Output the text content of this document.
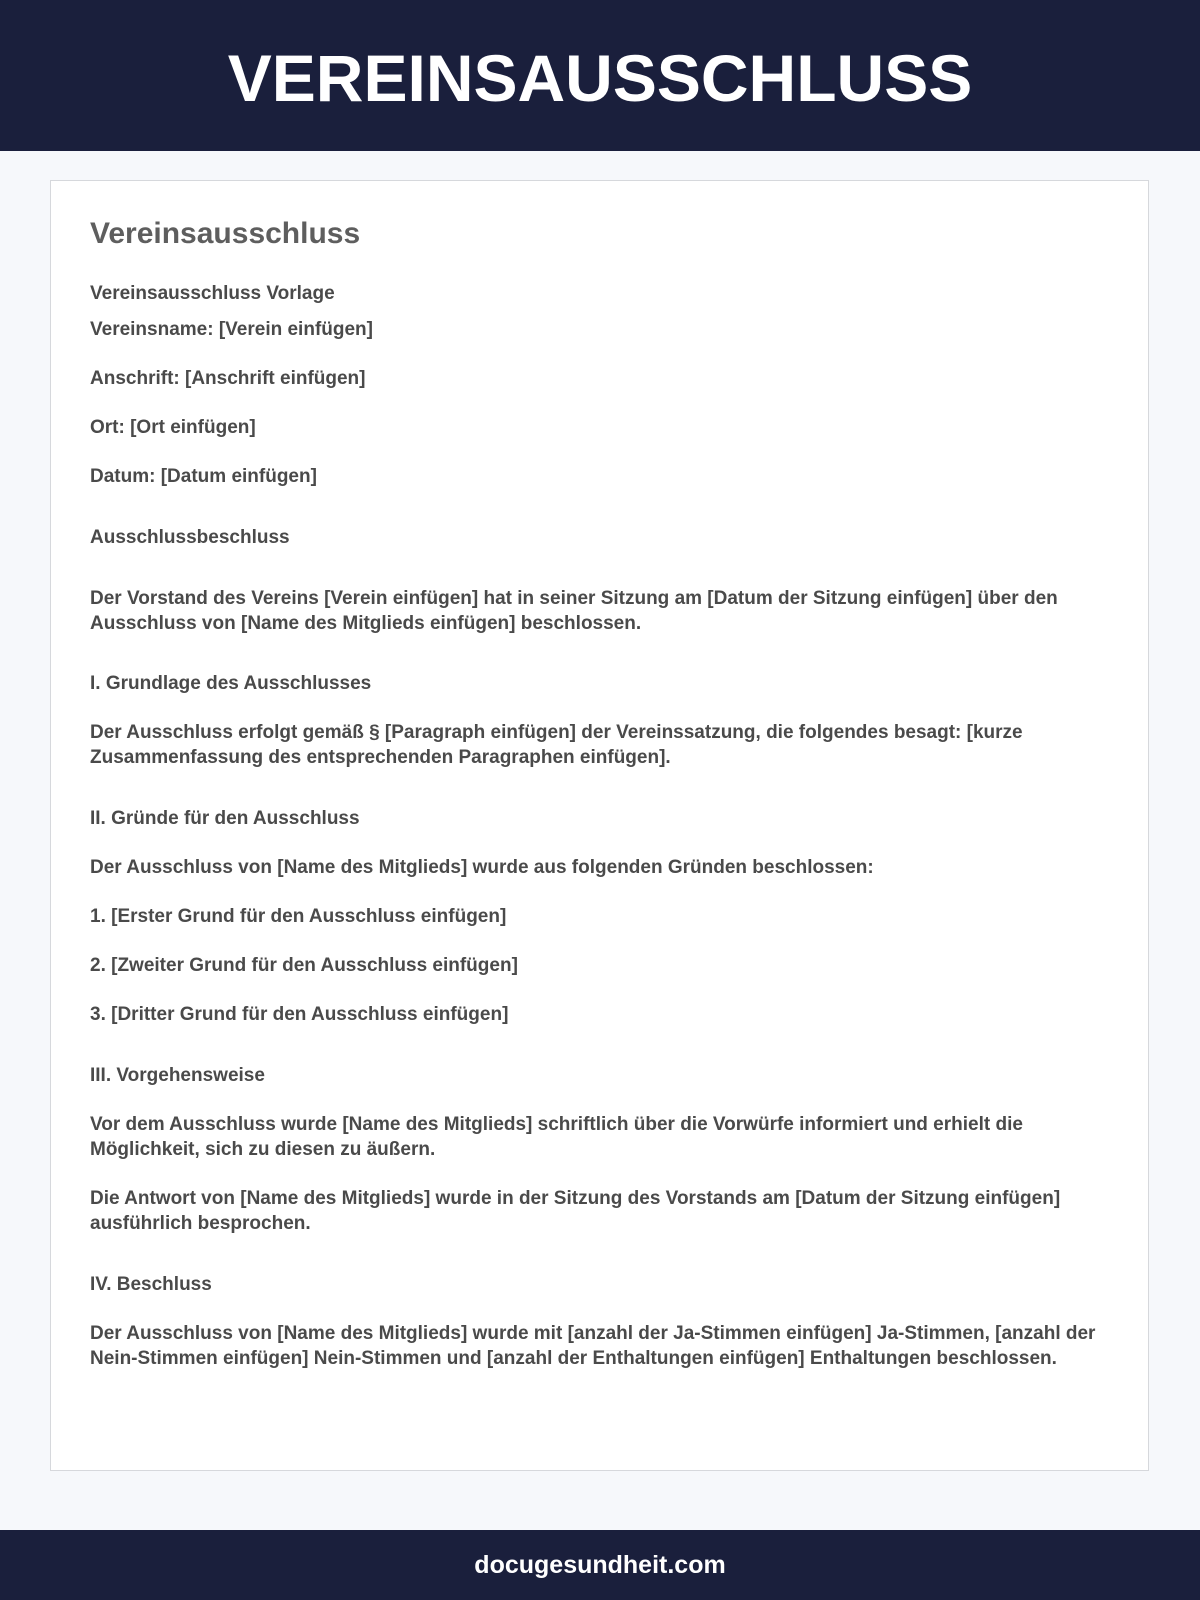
VEREINSAUSSCHLUSS
Vereinsausschluss

Vereinsausschluss Vorlage

Vereinsname: [Verein einfügen]

Anschrift: [Anschrift einfügen]

Ort: [Ort einfügen]

Datum: [Datum einfügen]

Ausschlussbeschluss

Der Vorstand des Vereins [Verein einfügen] hat in seiner Sitzung am [Datum der Sitzung einfügen] über den Ausschluss von [Name des Mitglieds einfügen] beschlossen.

I. Grundlage des Ausschlusses

Der Ausschluss erfolgt gemäß § [Paragraph einfügen] der Vereinssatzung, die folgendes besagt: [kurze Zusammenfassung des entsprechenden Paragraphen einfügen].

II. Gründe für den Ausschluss

Der Ausschluss von [Name des Mitglieds] wurde aus folgenden Gründen beschlossen:

1. [Erster Grund für den Ausschluss einfügen]

2. [Zweiter Grund für den Ausschluss einfügen]

3. [Dritter Grund für den Ausschluss einfügen]

III. Vorgehensweise

Vor dem Ausschluss wurde [Name des Mitglieds] schriftlich über die Vorwürfe informiert und erhielt die Möglichkeit, sich zu diesen zu äußern.

Die Antwort von [Name des Mitglieds] wurde in der Sitzung des Vorstands am [Datum der Sitzung einfügen] ausführlich besprochen.

IV. Beschluss

Der Ausschluss von [Name des Mitglieds] wurde mit [anzahl der Ja-Stimmen einfügen] Ja-Stimmen, [anzahl der Nein-Stimmen einfügen] Nein-Stimmen und [anzahl der Enthaltungen einfügen] Enthaltungen beschlossen.

docugesundheit.com
